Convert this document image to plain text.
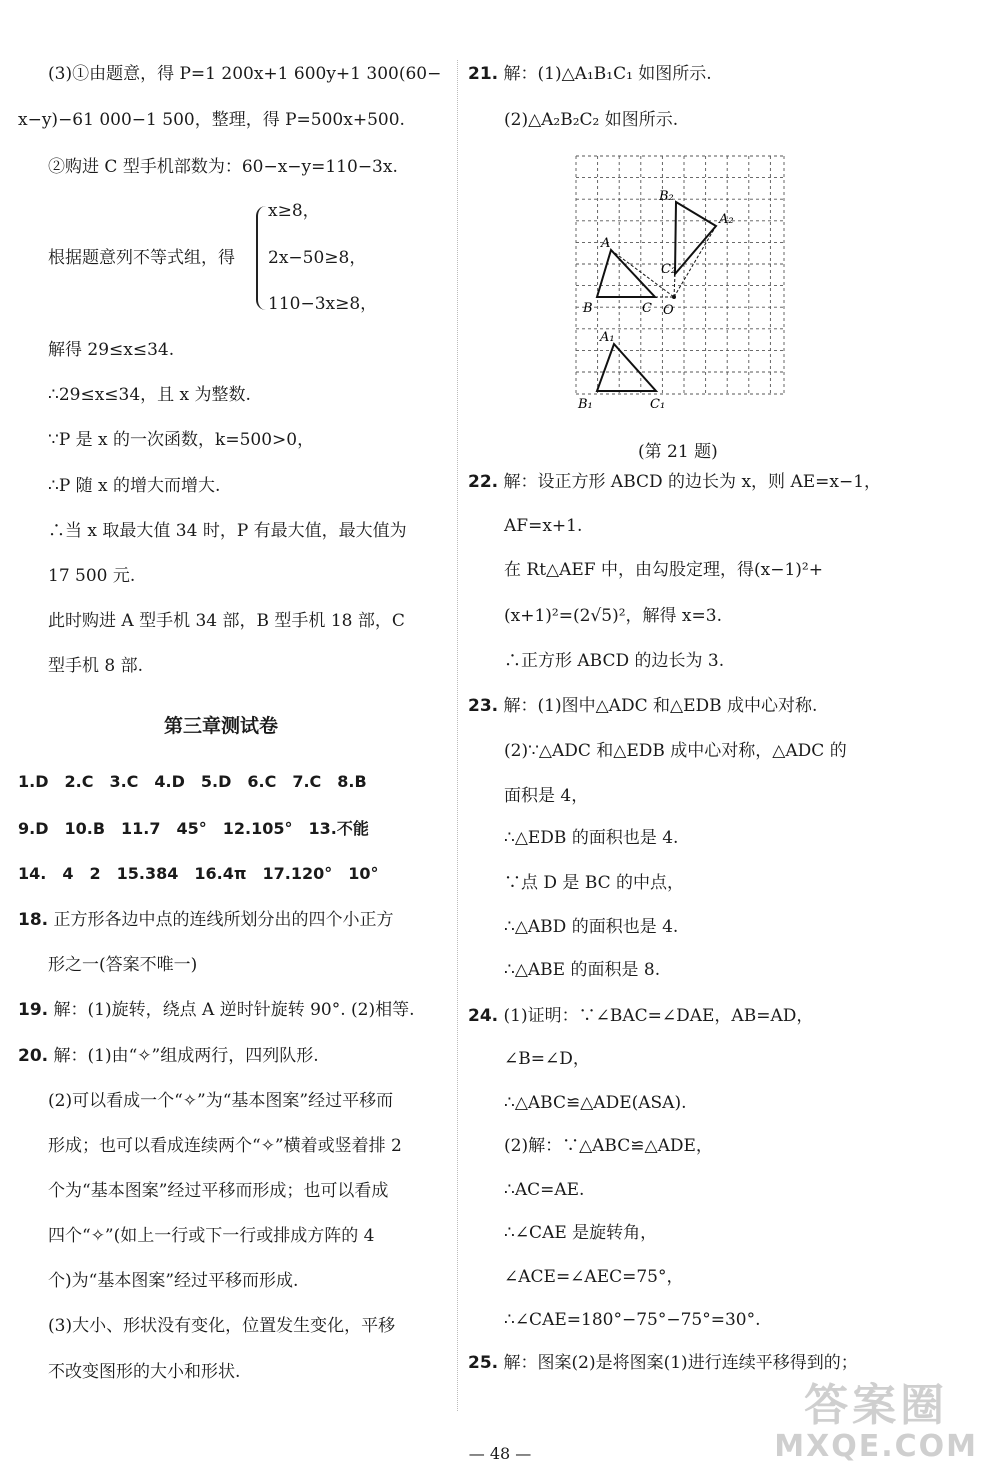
(3)①由题意，得 P=1 200x+1 600y+1 300(60−
x−y)−61 000−1 500，整理，得 P=500x+500.
②购进 C 型手机部数为：60−x−y=110−3x.
根据题意列不等式组，得
x≥8，
2x−50≥8，
110−3x≥8，
解得 29≤x≤34.
∴29≤x≤34，且 x 为整数.
∵P 是 x 的一次函数，k=500>0，
∴P 随 x 的增大而增大.
∴当 x 取最大值 34 时，P 有最大值，最大值为
17 500 元.
此时购进 A 型手机 34 部，B 型手机 18 部，C
型手机 8 部.
第三章测试卷
1.D　2.C　3.C　4.D　5.D　6.C　7.C　8.B
9.D　10.B　11.7　45°　12.105°　13.不能
14.　4　2　15.384　16.4π　17.120°　10°
18. 正方形各边中点的连线所划分出的四个小正方
形之一(答案不唯一)
19. 解：(1)旋转，绕点 A 逆时针旋转 90°. (2)相等.
20. 解：(1)由“✧”组成两行，四列队形.
(2)可以看成一个“✧”为“基本图案”经过平移而
形成；也可以看成连续两个“✧”横着或竖着排 2
个为“基本图案”经过平移而形成；也可以看成
四个“✧”(如上一行或下一行或排成方阵的 4
个)为“基本图案”经过平移而形成.
(3)大小、形状没有变化，位置发生变化，平移
不改变图形的大小和形状.
21. 解：(1)△A₁B₁C₁ 如图所示.
(2)△A₂B₂C₂ 如图所示.
A
B	C O
A₁
B₁	C₁
A₂
B₂
C₂
(第 21 题)
22. 解：设正方形 ABCD 的边长为 x，则 AE=x−1，
AF=x+1.
在 Rt△AEF 中，由勾股定理，得(x−1)²+
(x+1)²=(2√5)²，解得 x=3.
∴正方形 ABCD 的边长为 3.
23. 解：(1)图中△ADC 和△EDB 成中心对称.
(2)∵△ADC 和△EDB 成中心对称，△ADC 的
面积是 4，
∴△EDB 的面积也是 4.
∵点 D 是 BC 的中点，
∴△ABD 的面积也是 4.
∴△ABE 的面积是 8.
24. (1)证明：∵∠BAC=∠DAE，AB=AD，
∠B=∠D，
∴△ABC≌△ADE(ASA).
(2)解：∵△ABC≌△ADE，
∴AC=AE.
∴∠CAE 是旋转角，
∠ACE=∠AEC=75°，
∴∠CAE=180°−75°−75°=30°.
25. 解：图案(2)是将图案(1)进行连续平移得到的；
— 48 —
答案圈
MXQE.COM
